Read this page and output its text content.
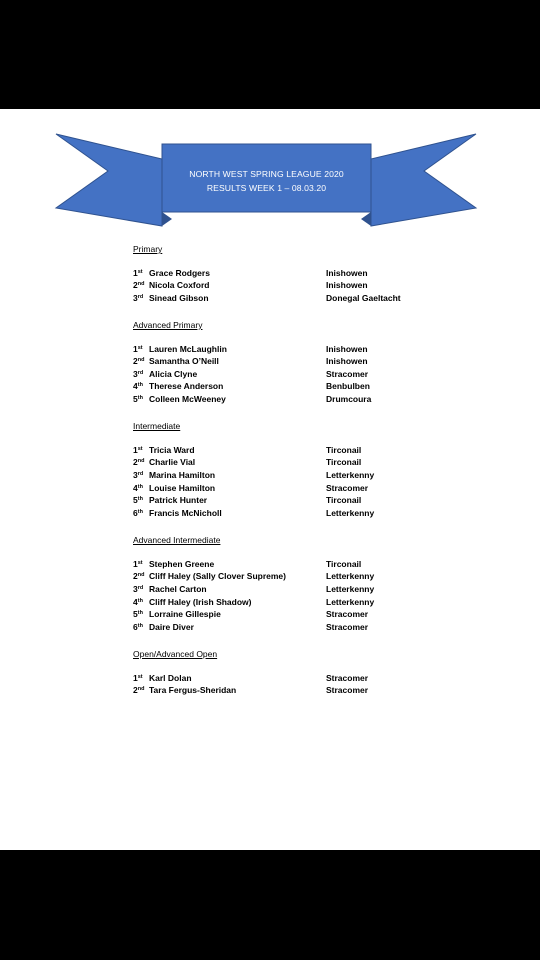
NORTH WEST SPRING LEAGUE 2020
RESULTS WEEK 1 – 08.03.20
Primary
1st Grace Rodgers	Inishowen
2nd Nicola Coxford	Inishowen
3rd Sinead Gibson	Donegal Gaeltacht
Advanced Primary
1st Lauren McLaughlin	Inishowen
2nd Samantha O’Neill	Inishowen
3rd Alicia Clyne	Stracomer
4th Therese Anderson	Benbulben
5th Colleen McWeeney	Drumcoura
Intermediate
1st Tricia Ward	Tirconail
2nd Charlie Vial	Tirconail
3rd Marina Hamilton	Letterkenny
4th Louise Hamilton	Stracomer
5th Patrick Hunter	Tirconail
6th Francis McNicholl	Letterkenny
Advanced Intermediate
1st Stephen Greene	Tirconail
2nd Cliff Haley (Sally Clover Supreme)	Letterkenny
3rd Rachel Carton	Letterkenny
4th Cliff Haley (Irish Shadow)	Letterkenny
5th Lorraine Gillespie	Stracomer
6th Daire Diver	Stracomer
Open/Advanced Open
1st Karl Dolan	Stracomer
2nd Tara Fergus-Sheridan	Stracomer
